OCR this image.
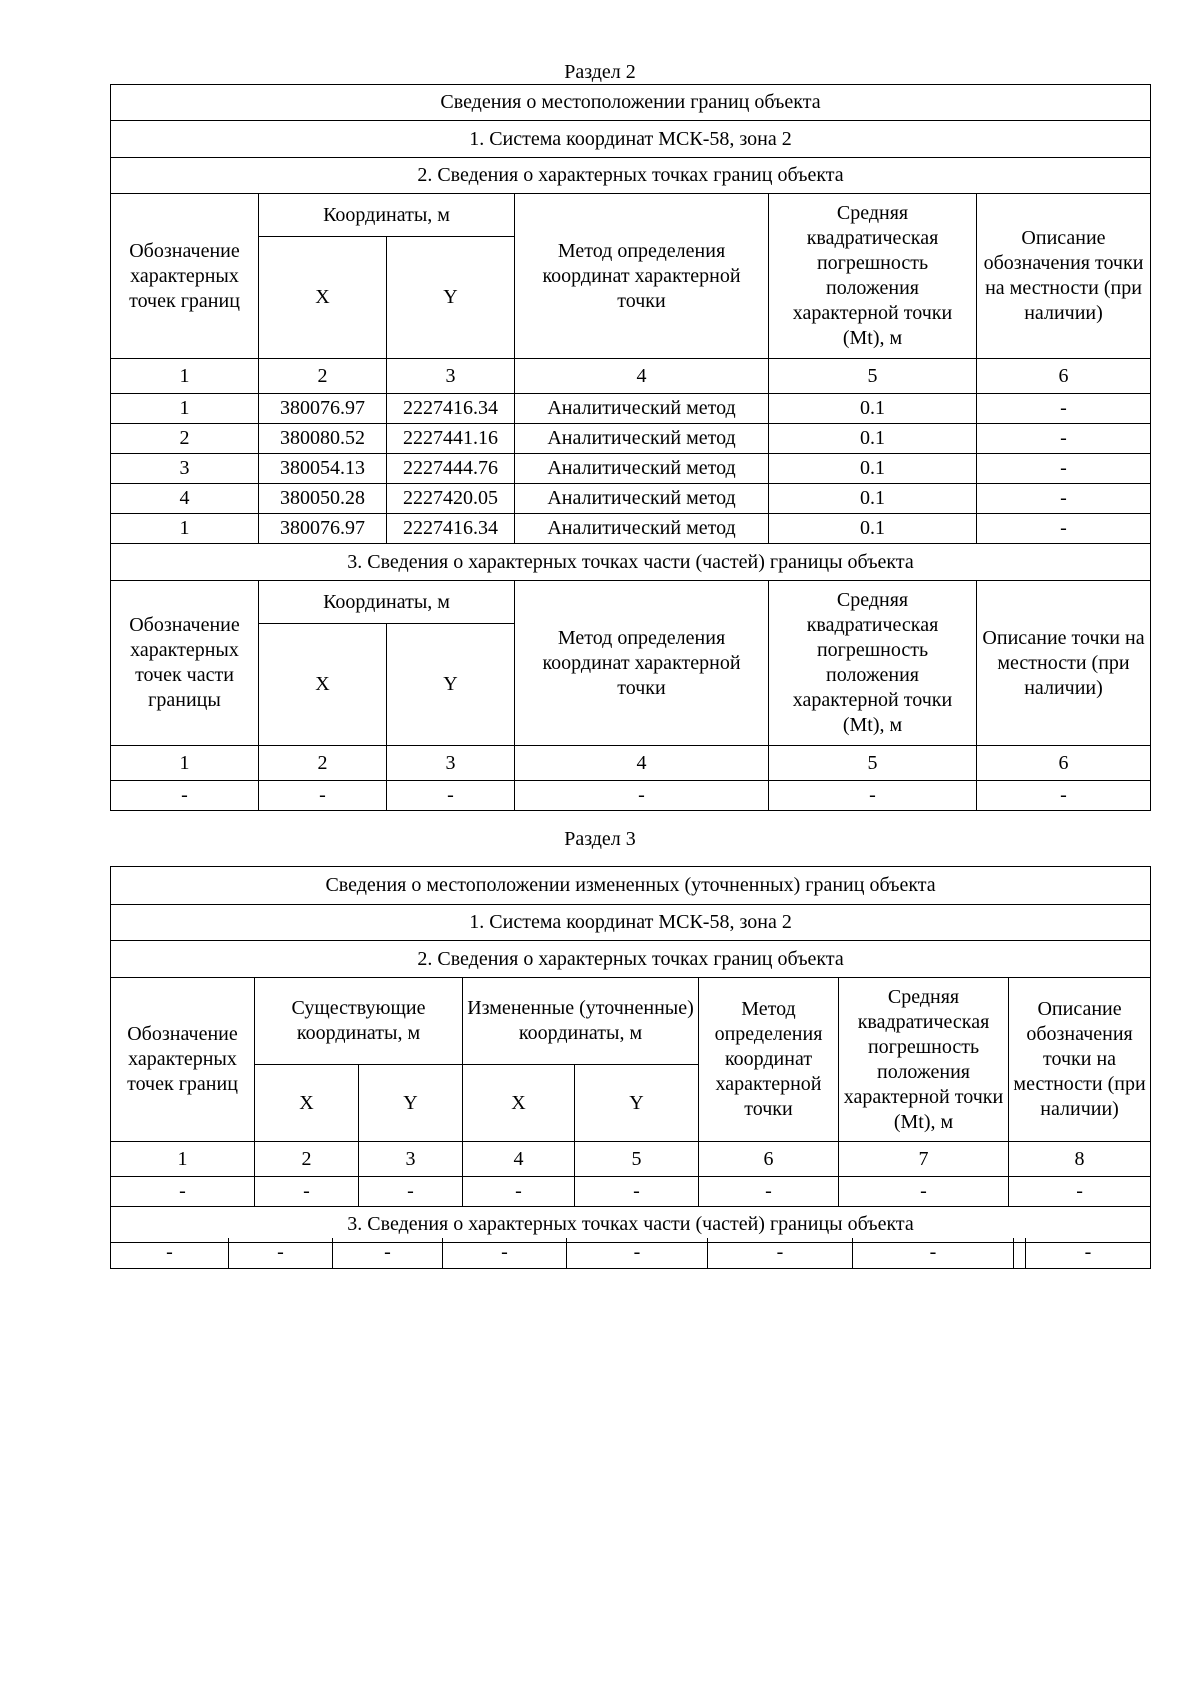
Раздел 2
Сведения о местоположении границ объекта					
1. Система координат МСК-58, зона 2					
2. Сведения о характерных точках границ объекта					
Обозначение характерных точек границ	Координаты, м		Метод определения координат характерной точки	Средняя квадратическая погрешность положения характерной точки (Mt), м	Описание обозначения точки на местности (при наличии)
	X	Y			
1	2	3	4	5	6
1	380076.97	2227416.34	Аналитический метод	0.1	-
2	380080.52	2227441.16	Аналитический метод	0.1	-
3	380054.13	2227444.76	Аналитический метод	0.1	-
4	380050.28	2227420.05	Аналитический метод	0.1	-
1	380076.97	2227416.34	Аналитический метод	0.1	-
3. Сведения о характерных точках части (частей) границы объекта					
Обозначение характерных точек части границы	Координаты, м		Метод определения координат характерной точки	Средняя квадратическая погрешность положения характерной точки (Mt), м	Описание точки на местности (при наличии)
	X	Y			
1	2	3	4	5	6
-	-	-	-	-	-
Раздел 3
Сведения о местоположении измененных (уточненных) границ объекта							
1. Система координат МСК-58, зона 2							
2. Сведения о характерных точках границ объекта							
Обозначение характерных точек границ	Существующие координаты, м		Измененные (уточненные) координаты, м		Метод определения координат характерной точки	Средняя квадратическая погрешность положения характерной точки (Mt), м	Описание обозначения точки на местности (при наличии)
	X	Y	X	Y			
1	2	3	4	5	6	7	8
-	-	-	-	-	-	-	-
3. Сведения о характерных точках части (частей) границы объекта							
-	-	-	-	-	-	-		-
